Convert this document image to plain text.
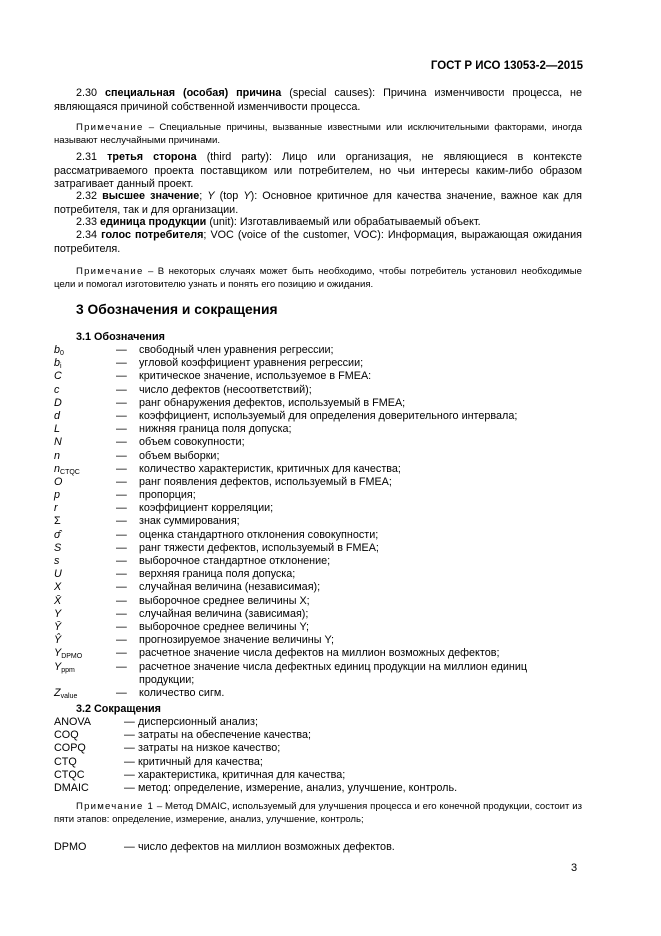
ГОСТ Р ИСО 13053-2—2015
2.30 специальная (особая) причина (special causes): Причина изменчивости процесса, не являющаяся причиной собственной изменчивости процесса.
Примечание – Специальные причины, вызванные известными или исключительными факторами, иногда называют неслучайными причинами.
2.31 третья сторона (third party): Лицо или организация, не являющиеся в контексте рассматриваемого проекта поставщиком или потребителем, но чьи интересы каким-либо образом затрагивает данный проект.
2.32 высшее значение; Y (top Y): Основное критичное для качества значение, важное как для потребителя, так и для организации.
2.33 единица продукции (unit): Изготавливаемый или обрабатываемый объект.
2.34 голос потребителя; VOC (voice of the customer, VOC): Информация, выражающая ожидания потребителя.
Примечание – В некоторых случаях может быть необходимо, чтобы потребитель установил необходимые цели и помогал изготовителю узнать и понять его позицию и ожидания.
3 Обозначения и сокращения
3.1 Обозначения
$b_0$	— свободный член уравнения регрессии;
$b_i$	— угловой коэффициент уравнения регрессии;
C	— критическое значение, используемое в FMEA:
c	— число дефектов (несоответствий);
D	— ранг обнаружения дефектов, используемый в FMEA;
d	— коэффициент, используемый для определения доверительного интервала;
L	— нижняя граница поля допуска;
N	— объем совокупности;
n	— объем выборки;
$n_{CTQC}$	— количество характеристик, критичных для качества;
O	— ранг появления дефектов, используемый в FMEA;
p	— пропорция;
r	— коэффициент корреляции;
Σ	— знак суммирования;
σ̂	— оценка стандартного отклонения совокупности;
S	— ранг тяжести дефектов, используемый в FMEA;
s	— выборочное стандартное отклонение;
U	— верхняя граница поля допуска;
X	— случайная величина (независимая);
X̄	— выборочное среднее величины X;
Y	— случайная величина (зависимая);
Ȳ	— выборочное среднее величины Y;
Ŷ	— прогнозируемое значение величины Y;
$Y_{DPMO}$	— расчетное значение числа дефектов на миллион возможных дефектов;
$Y_{ppm}$	— расчетное значение числа дефектных единиц продукции на миллион единиц
продукции;
$Z_{value}$	— количество сигм.
3.2 Сокращения
ANOVA	— дисперсионный анализ;
COQ	— затраты на обеспечение качества;
COPQ	— затраты на низкое качество;
CTQ	— критичный для качества;
CTQC	— характеристика, критичная для качества;
DMAIC	— метод: определение, измерение, анализ, улучшение, контроль.
Примечание 1 – Метод DMAIC, используемый для улучшения процесса и его конечной продукции, состоит из пяти этапов: определение, измерение, анализ, улучшение, контроль;
DPMO	— число дефектов на миллион возможных дефектов.
3
